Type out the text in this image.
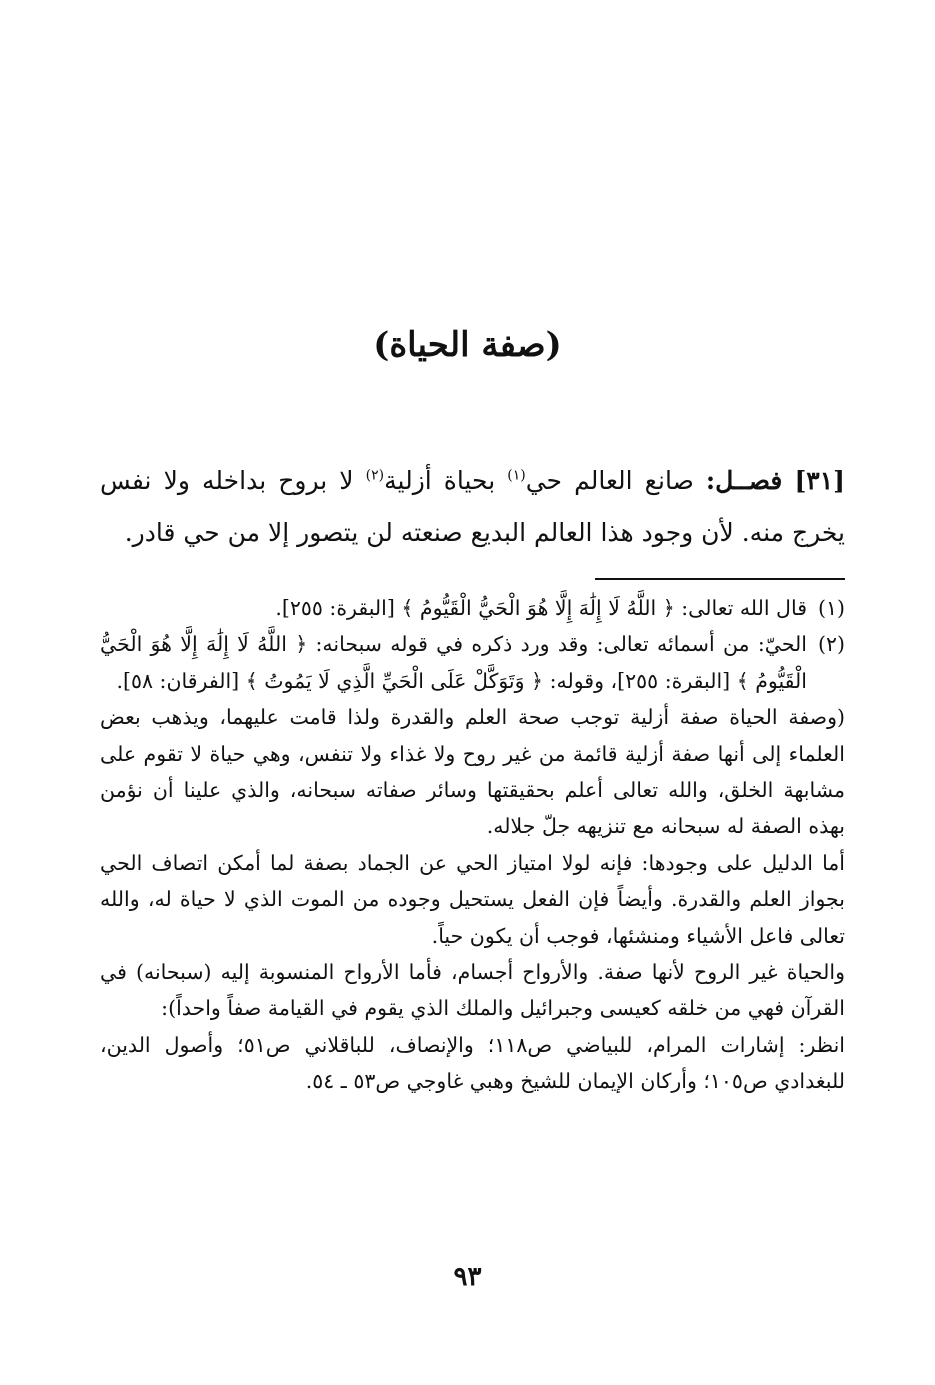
(صفة الحياة)
[٣١] فصــل: صانع العالم حي$^{(١)}$ بحياة أزلية$^{(٢)}$ لا بروح بداخله ولا نفس يخرج منه. لأن وجود هذا العالم البديع صنعته لن يتصور إلا من حي قادر.
(١)
قال الله تعالى: ﴿ اللَّهُ لَا إِلَٰهَ إِلَّا هُوَ الْحَيُّ الْقَيُّومُ ﴾ [البقرة: ٢٥٥].
(٢)
الحيّ: من أسمائه تعالى: وقد ورد ذكره في قوله سبحانه: ﴿ اللَّهُ لَا إِلَٰهَ إِلَّا هُوَ الْحَيُّ الْقَيُّومُ ﴾ [البقرة: ٢٥٥]، وقوله: ﴿ وَتَوَكَّلْ عَلَى الْحَيِّ الَّذِي لَا يَمُوتُ ﴾ [الفرقان: ٥٨].
(وصفة الحياة صفة أزلية توجب صحة العلم والقدرة ولذا قامت عليهما، ويذهب بعض العلماء إلى أنها صفة أزلية قائمة من غير روح ولا غذاء ولا تنفس، وهي حياة لا تقوم على مشابهة الخلق، والله تعالى أعلم بحقيقتها وسائر صفاته سبحانه، والذي علينا أن نؤمن بهذه الصفة له سبحانه مع تنزيهه جلّ جلاله.
أما الدليل على وجودها: فإنه لولا امتياز الحي عن الجماد بصفة لما أمكن اتصاف الحي بجواز العلم والقدرة. وأيضاً فإن الفعل يستحيل وجوده من الموت الذي لا حياة له، والله تعالى فاعل الأشياء ومنشئها، فوجب أن يكون حياً.
والحياة غير الروح لأنها صفة. والأرواح أجسام، فأما الأرواح المنسوبة إليه (سبحانه) في القرآن فهي من خلقه كعيسى وجبرائيل والملك الذي يقوم في القيامة صفاً واحداً):
انظر: إشارات المرام، للبياضي ص١١٨؛ والإنصاف، للباقلاني ص٥١؛ وأصول الدين، للبغدادي ص١٠٥؛ وأركان الإيمان للشيخ وهبي غاوجي ص٥٣ ـ ٥٤.
٩٣
